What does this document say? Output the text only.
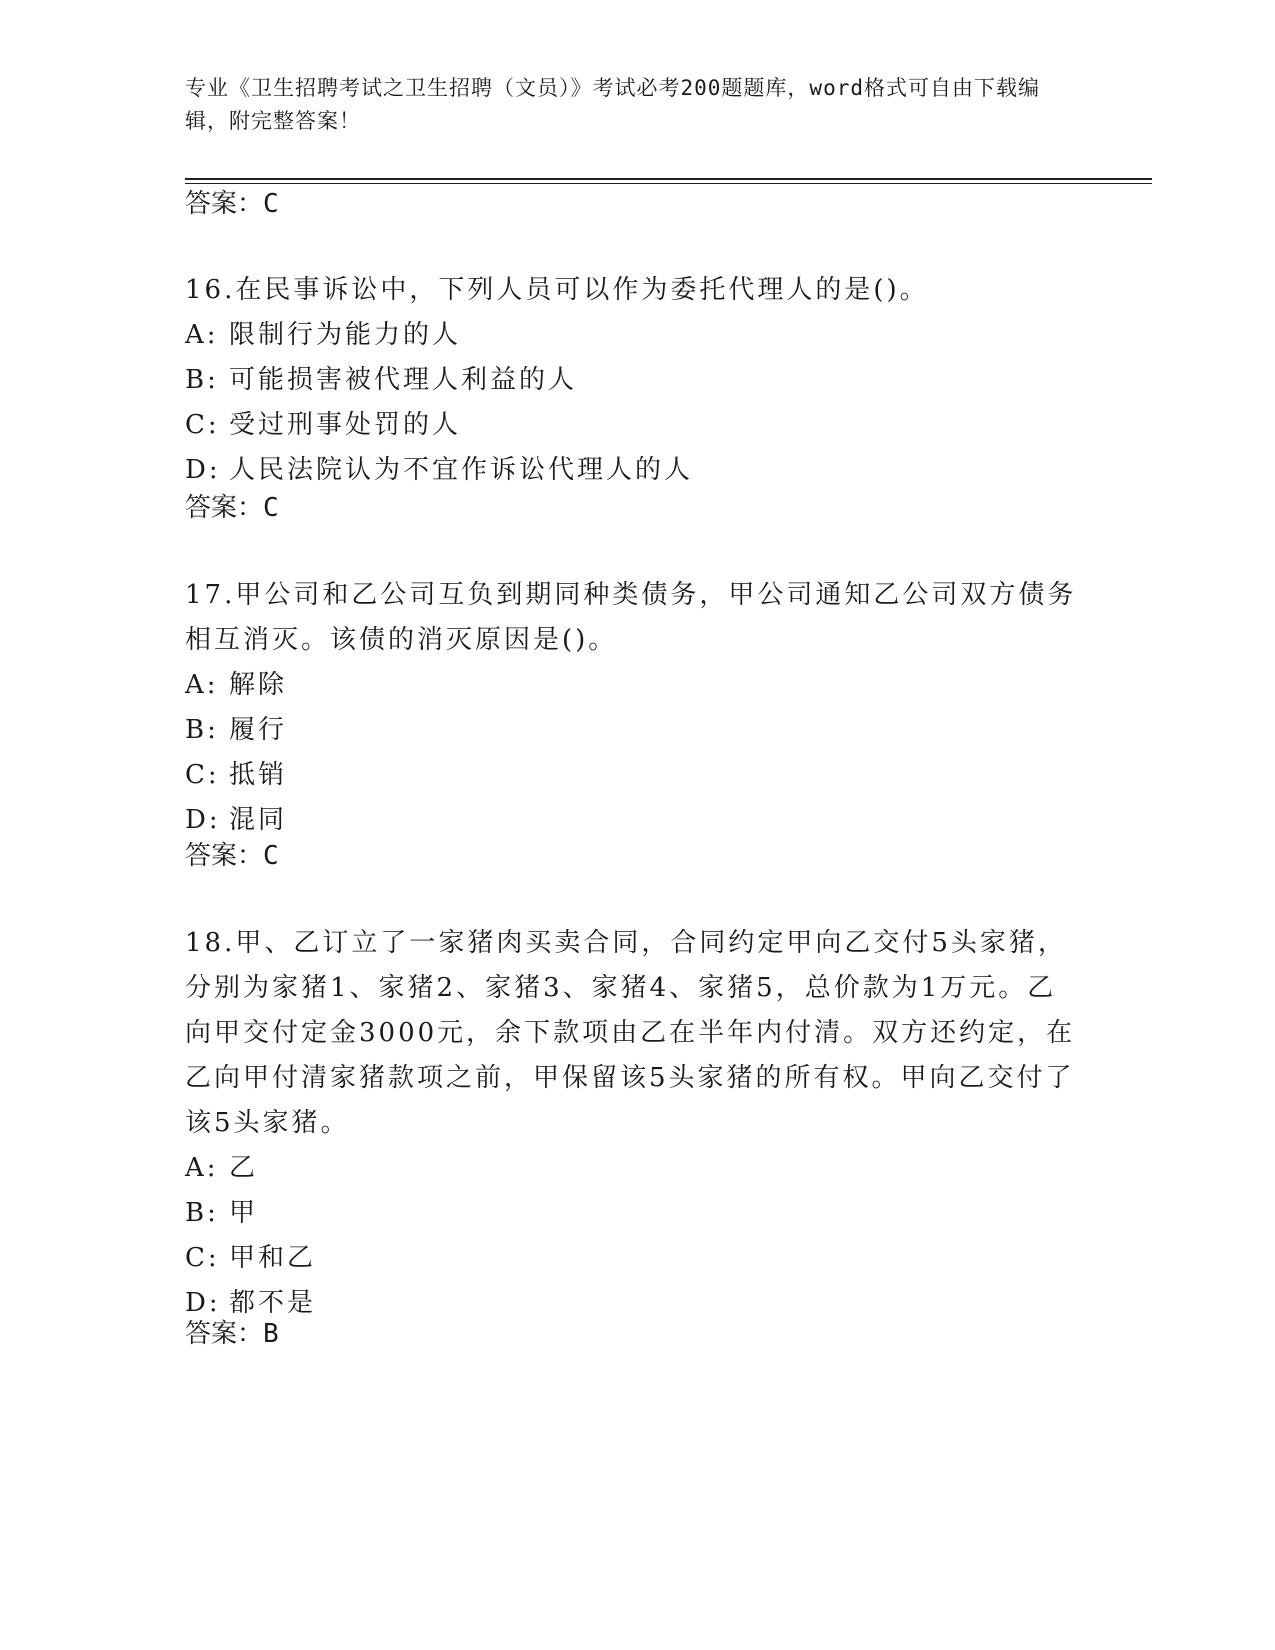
专业《卫生招聘考试之卫生招聘（文员）》考试必考200题题库，word格式可自由下载编辑，附完整答案！
答案：C
16.在民事诉讼中，下列人员可以作为委托代理人的是()。
A: 限制行为能力的人
B: 可能损害被代理人利益的人
C: 受过刑事处罚的人
D: 人民法院认为不宜作诉讼代理人的人
答案：C
17.甲公司和乙公司互负到期同种类债务，甲公司通知乙公司双方债务相互消灭。该债的消灭原因是()。
A: 解除
B: 履行
C: 抵销
D: 混同
答案：C
18.甲、乙订立了一家猪肉买卖合同，合同约定甲向乙交付5头家猪，分别为家猪1、家猪2、家猪3、家猪4、家猪5，总价款为1万元。乙向甲交付定金3000元，余下款项由乙在半年内付清。双方还约定，在乙向甲付清家猪款项之前，甲保留该5头家猪的所有权。甲向乙交付了该5头家猪。
A: 乙
B: 甲
C: 甲和乙
D: 都不是
答案：B
